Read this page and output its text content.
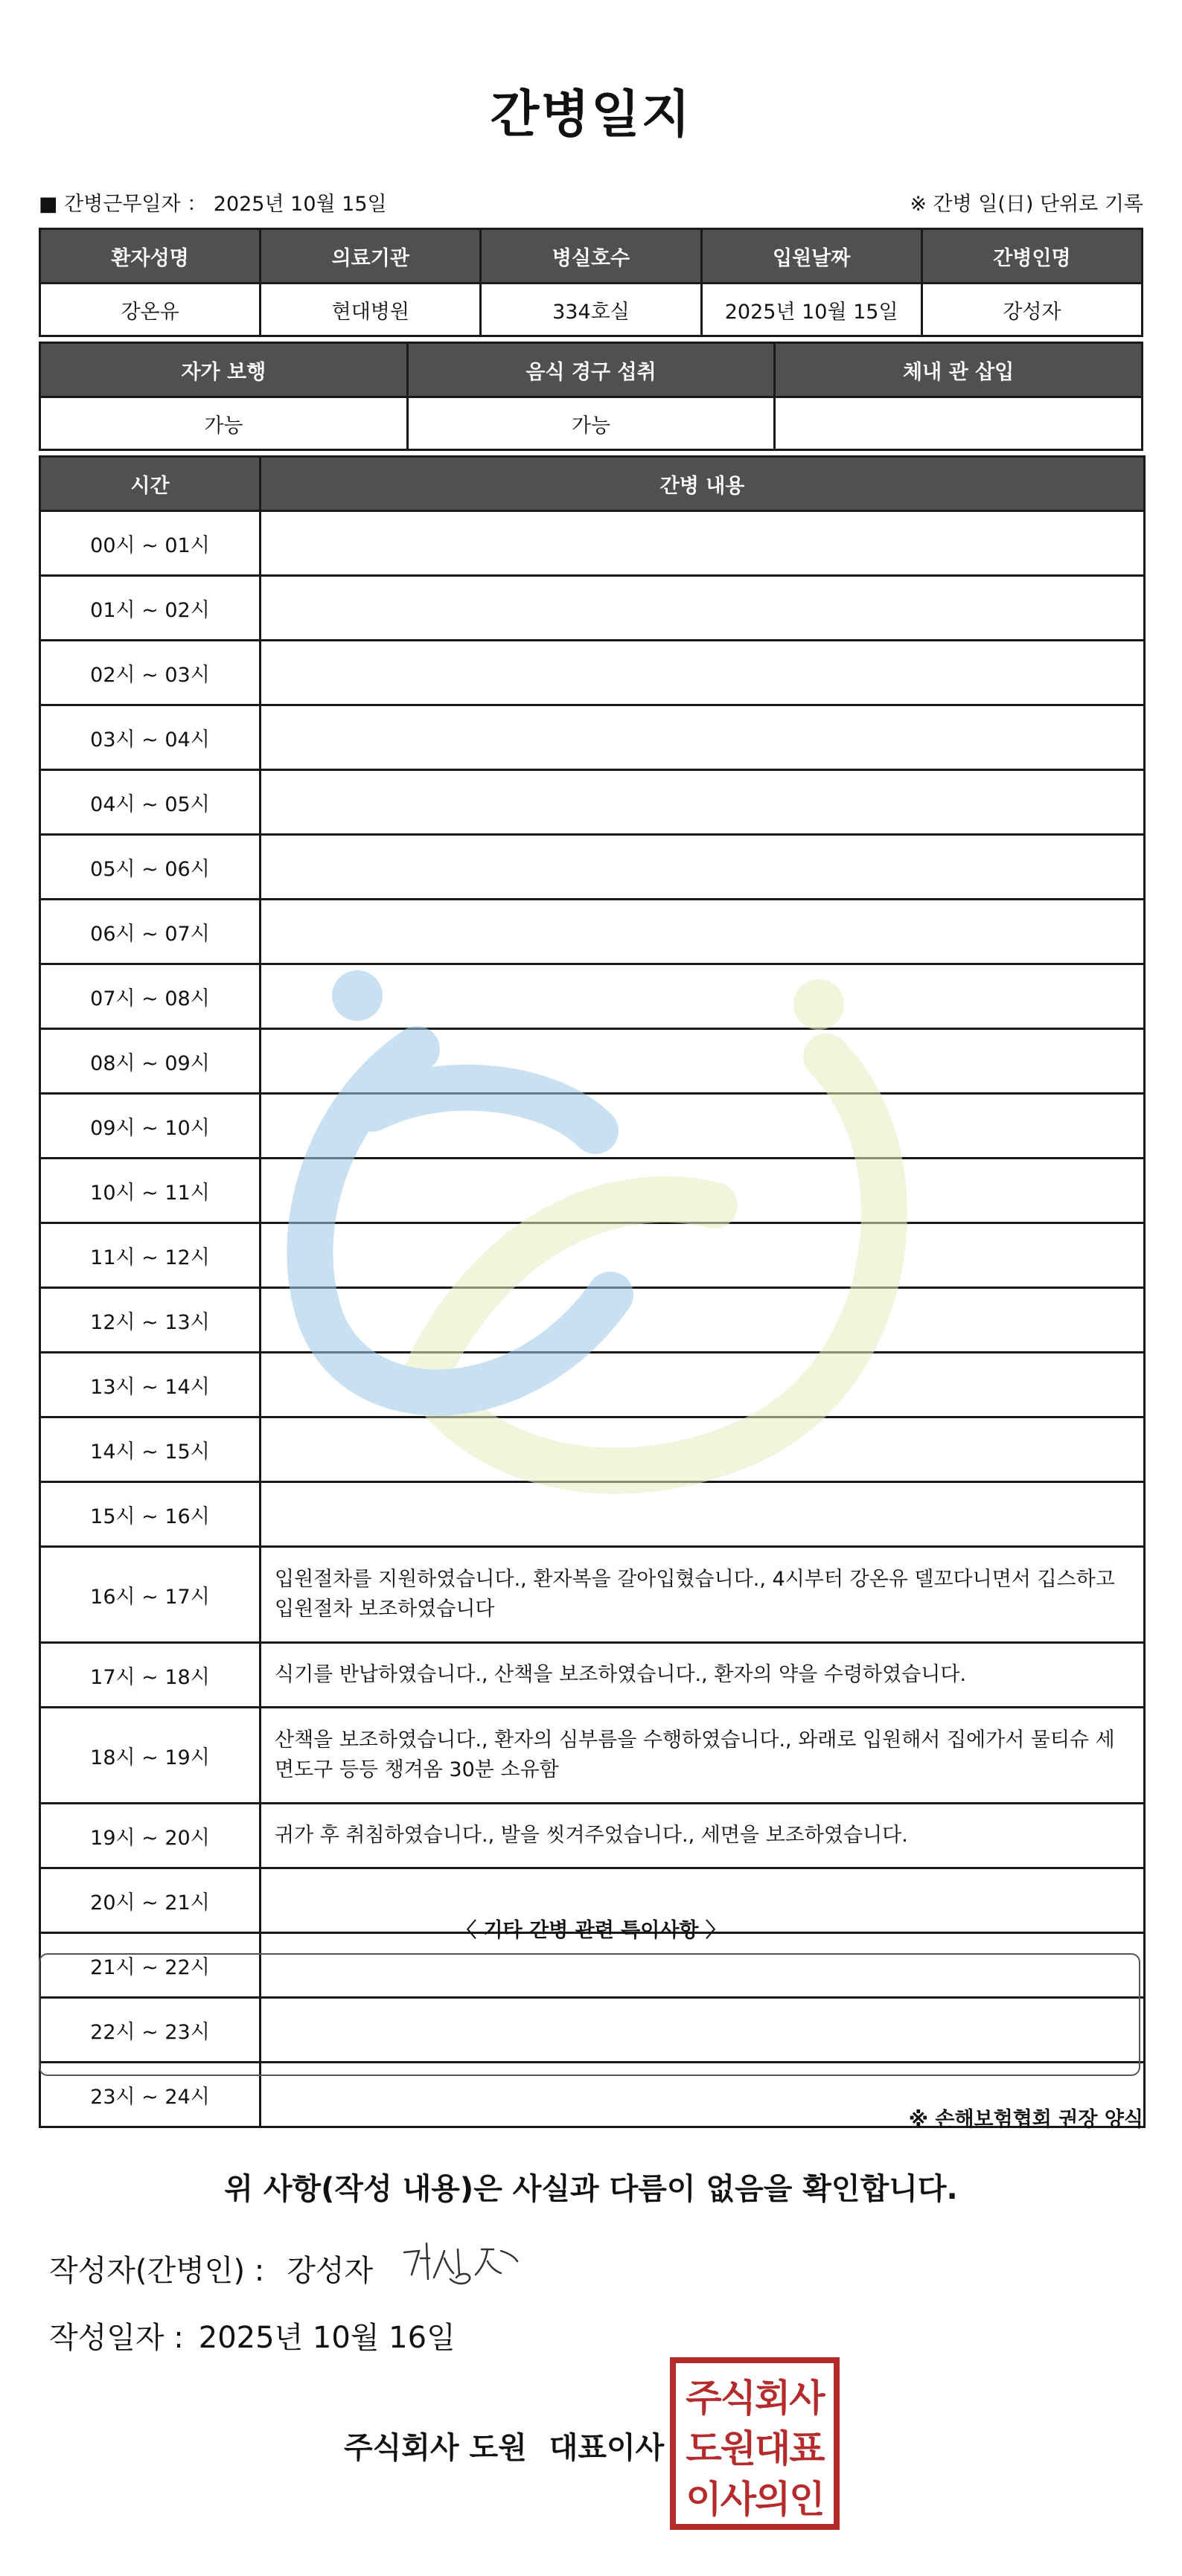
간병일지
■ 간병근무일자 ： 2025년 10월 15일	※ 간병 일(日) 단위로 기록
환자성명	의료기관	병실호수	입원날짜	간병인명
강온유	현대병원	334호실	2025년 10월 15일	강성자
자가 보행	음식 경구 섭취	체내 관 삽입
가능	가능	
시간	간병 내용
00시 ~ 01시	
01시 ~ 02시	
02시 ~ 03시	
03시 ~ 04시	
04시 ~ 05시	
05시 ~ 06시	
06시 ~ 07시	
07시 ~ 08시	
08시 ~ 09시	
09시 ~ 10시	
10시 ~ 11시	
11시 ~ 12시	
12시 ~ 13시	
13시 ~ 14시	
14시 ~ 15시	
15시 ~ 16시	
16시 ~ 17시	입원절차를 지원하였습니다., 환자복을 갈아입혔습니다., 4시부터 강온유 델꼬다니면서 깁스하고 입원절차 보조하였습니다
17시 ~ 18시	식기를 반납하였습니다., 산책을 보조하였습니다., 환자의 약을 수령하였습니다.
18시 ~ 19시	산책을 보조하였습니다., 환자의 심부름을 수행하였습니다., 와래로 입원해서 집에가서 물티슈 세면도구 등등 챙겨옴 30분 소유함
19시 ~ 20시	귀가 후 취침하였습니다., 발을 씻겨주었습니다., 세면을 보조하였습니다.
20시 ~ 21시	
21시 ~ 22시	
22시 ~ 23시	
23시 ~ 24시	
〈 기타 간병 관련 특이사항 〉
※ 손해보험협회 권장 양식
위 사항(작성 내용)은 사실과 다름이 없음을 확인합니다.
작성자(간병인) : 강성자
작성일자 : 2025년 10월 16일
주식회사 도원 대표이사
주식회사
도원대표
이사의인
